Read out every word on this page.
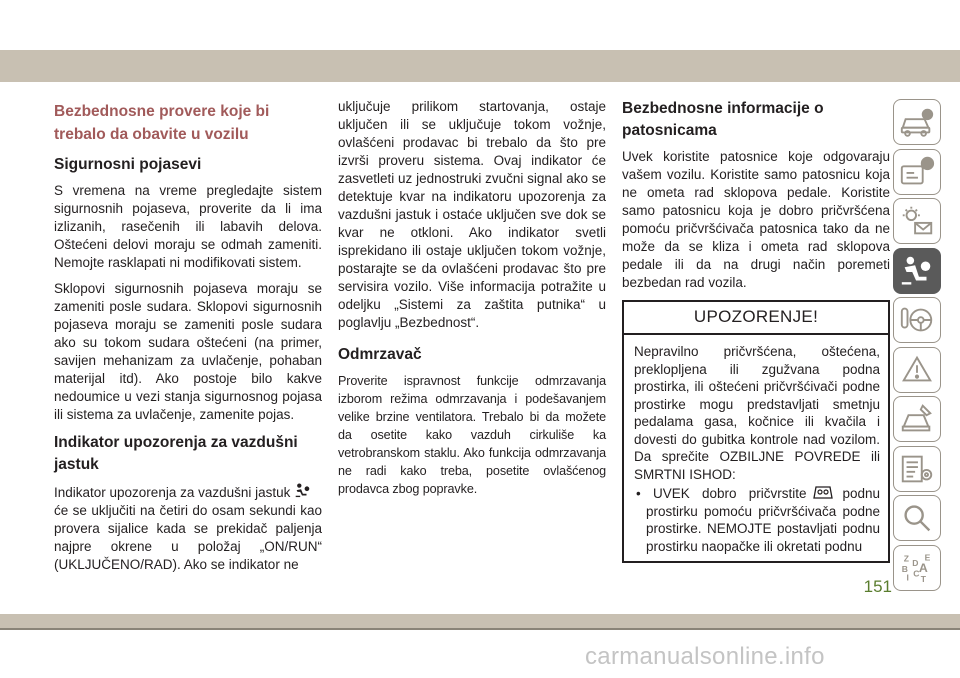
Bezbednosne provere koje bi trebalo da obavite u vozilu
Sigurnosni pojasevi

S vremena na vreme pregledajte sistem sigurnosnih pojaseva, proverite da li ima izlizanih, rasečenih ili labavih delova. Oštećeni delovi moraju se odmah zameniti. Nemojte rasklapati ni modifikovati sistem.

Sklopovi sigurnosnih pojaseva moraju se zameniti posle sudara. Sklopovi sigurnosnih pojaseva moraju se zameniti posle sudara ako su tokom sudara oštećeni (na primer, savijen mehanizam za uvlačenje, pohaban materijal itd). Ako postoje bilo kakve nedoumice u vezi stanja sigurnosnog pojasa ili sistema za uvlačenje, zamenite pojas.

Indikator upozorenja za vazdušni jastuk

Indikator upozorenja za vazdušni jastuk
će se uključiti na četiri do osam sekundi kao provera sijalice kada se prekidač paljenja najpre okrene u položaj „ON/RUN“ (UKLJUČENO/RAD). Ako se indikator ne

uključuje prilikom startovanja, ostaje uključen ili se uključuje tokom vožnje, ovlašćeni prodavac bi trebalo da što pre izvrši proveru sistema. Ovaj indikator će zasvetleti uz jednostruki zvučni signal ako se detektuje kvar na indikatoru upozorenja za vazdušni jastuk i ostaće uključen sve dok se kvar ne otkloni. Ako indikator svetli isprekidano ili ostaje uključen tokom vožnje, postarajte se da ovlašćeni prodavac što pre servisira vozilo. Više informacija potražite u odeljku „Sistemi za zaštita putnika“ u poglavlju „Bezbednost“.

Odmrzavač

Proverite ispravnost funkcije odmrzavanja izborom režima odmrzavanja i podešavanjem velike brzine ventilatora. Trebalo bi da možete da osetite kako vazduh cirkuliše ka vetrobranskom staklu. Ako funkcija odmrzavanja ne radi kako treba, posetite ovlašćenog prodavca zbog popravke.

Bezbednosne informacije o patosnicama

Uvek koristite patosnice koje odgovaraju vašem vozilu. Koristite samo patosnicu koja ne ometa rad sklopova pedale. Koristite samo patosnicu koja je dobro pričvršćena pomoću pričvršćivača patosnica tako da ne može da se kliza i ometa rad sklopova pedale ili da na drugi način poremeti bezbedan rad vozila.

UPOZORENJE!

Nepravilno pričvršćena, oštećena, preklopljena ili zgužvana podna prostirka, ili oštećeni pričvršćivači podne prostirke mogu predstavljati smetnju pedalama gasa, kočnice ili kvačila i dovesti do gubitka kontrole nad vozilom. Da sprečite OZBILJNE POVREDE ili SMRTNI ISHOD:

• UVEK dobro pričvrstite	podnu prostirku pomoću pričvršćivača podne prostirke. NEMOJTE postavljati podnu prostirku naopačke ili okretati podnu
Z E
B A
D
I C
T
151
carmanualsonline.info
